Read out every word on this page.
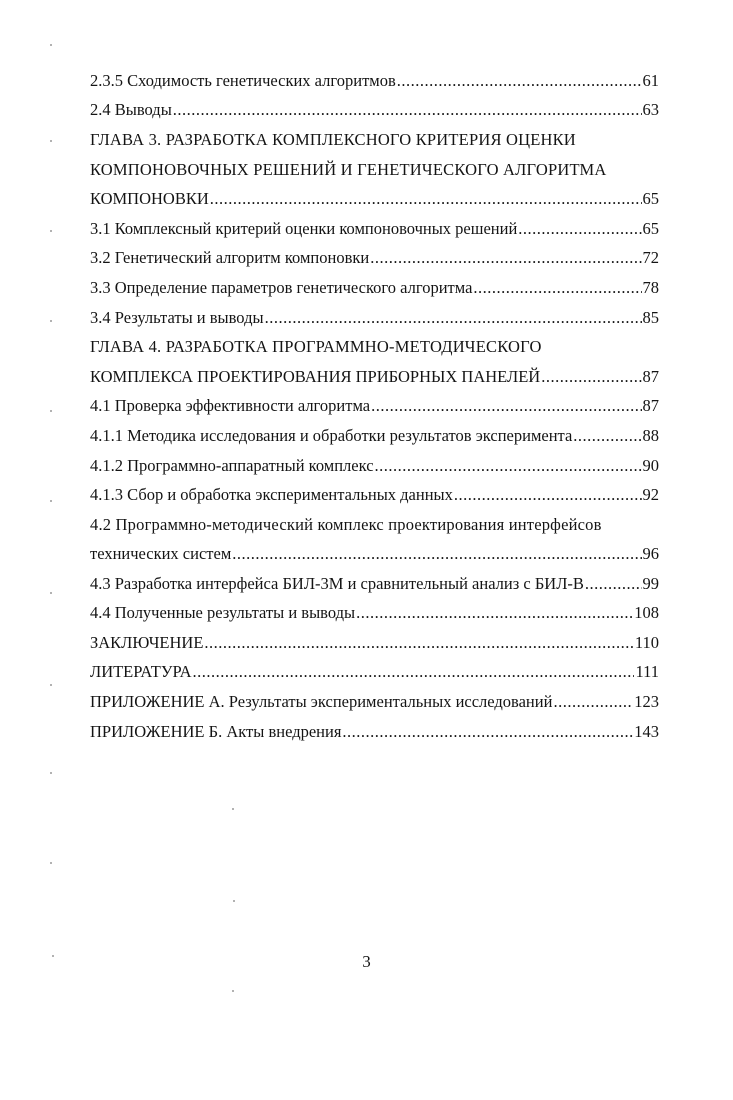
2.3.5 Сходимость генетических алгоритмов .....	61
2.4 Выводы .....	63
ГЛАВА 3. РАЗРАБОТКА КОМПЛЕКСНОГО КРИТЕРИЯ ОЦЕНКИ
КОМПОНОВОЧНЫХ РЕШЕНИЙ И ГЕНЕТИЧЕСКОГО АЛГОРИТМА
КОМПОНОВКИ .....	65
3.1 Комплексный критерий оценки компоновочных решений .....	65
3.2 Генетический алгоритм компоновки .....	72
3.3 Определение параметров генетического алгоритма .....	78
3.4 Результаты и выводы .....	85
ГЛАВА 4. РАЗРАБОТКА ПРОГРАММНО-МЕТОДИЧЕСКОГО
КОМПЛЕКСА ПРОЕКТИРОВАНИЯ ПРИБОРНЫХ ПАНЕЛЕЙ .....	87
4.1 Проверка эффективности алгоритма .....	87
4.1.1 Методика исследования и обработки результатов эксперимента .....	88
4.1.2 Программно-аппаратный комплекс .....	90
4.1.3 Сбор и обработка экспериментальных данных .....	92
4.2 Программно-методический комплекс проектирования интерфейсов
технических систем .....	96
4.3 Разработка интерфейса БИЛ-3М и сравнительный анализ с БИЛ-В .....	99
4.4 Полученные результаты и выводы .....	108
ЗАКЛЮЧЕНИЕ .....	110
ЛИТЕРАТУРА .....	111
ПРИЛОЖЕНИЕ А. Результаты экспериментальных исследований .....	123
ПРИЛОЖЕНИЕ Б. Акты внедрения .....	143
3
